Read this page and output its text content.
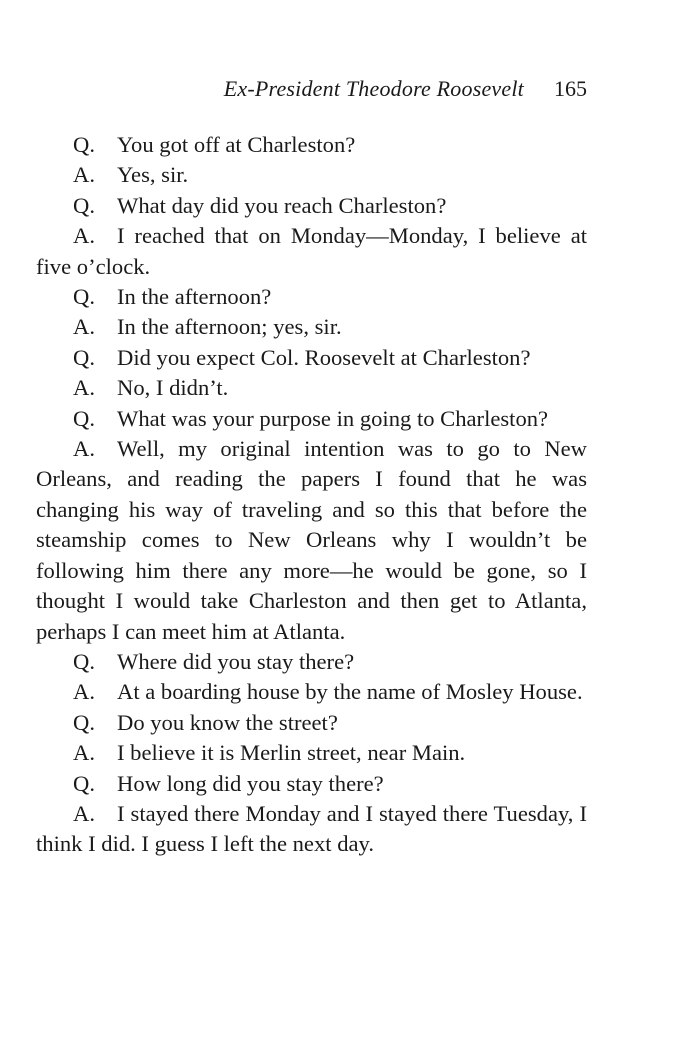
Ex-President Theodore Roosevelt 165

Q. You got off at Charleston?

A. Yes, sir.

Q. What day did you reach Charleston?

A. I reached that on Monday—Monday, I believe at five o’clock.

Q. In the afternoon?

A. In the afternoon; yes, sir.

Q. Did you expect Col. Roosevelt at Charleston?

A. No, I didn’t.

Q. What was your purpose in going to Charleston?

A. Well, my original intention was to go to New Orleans, and reading the papers I found that he was changing his way of traveling and so this that before the steamship comes to New Orleans why I wouldn’t be following him there any more—he would be gone, so I thought I would take Charleston and then get to Atlanta, perhaps I can meet him at Atlanta.

Q. Where did you stay there?

A. At a boarding house by the name of Mosley House.

Q. Do you know the street?

A. I believe it is Merlin street, near Main.

Q. How long did you stay there?

A. I stayed there Monday and I stayed there Tuesday, I think I did. I guess I left the next day.
